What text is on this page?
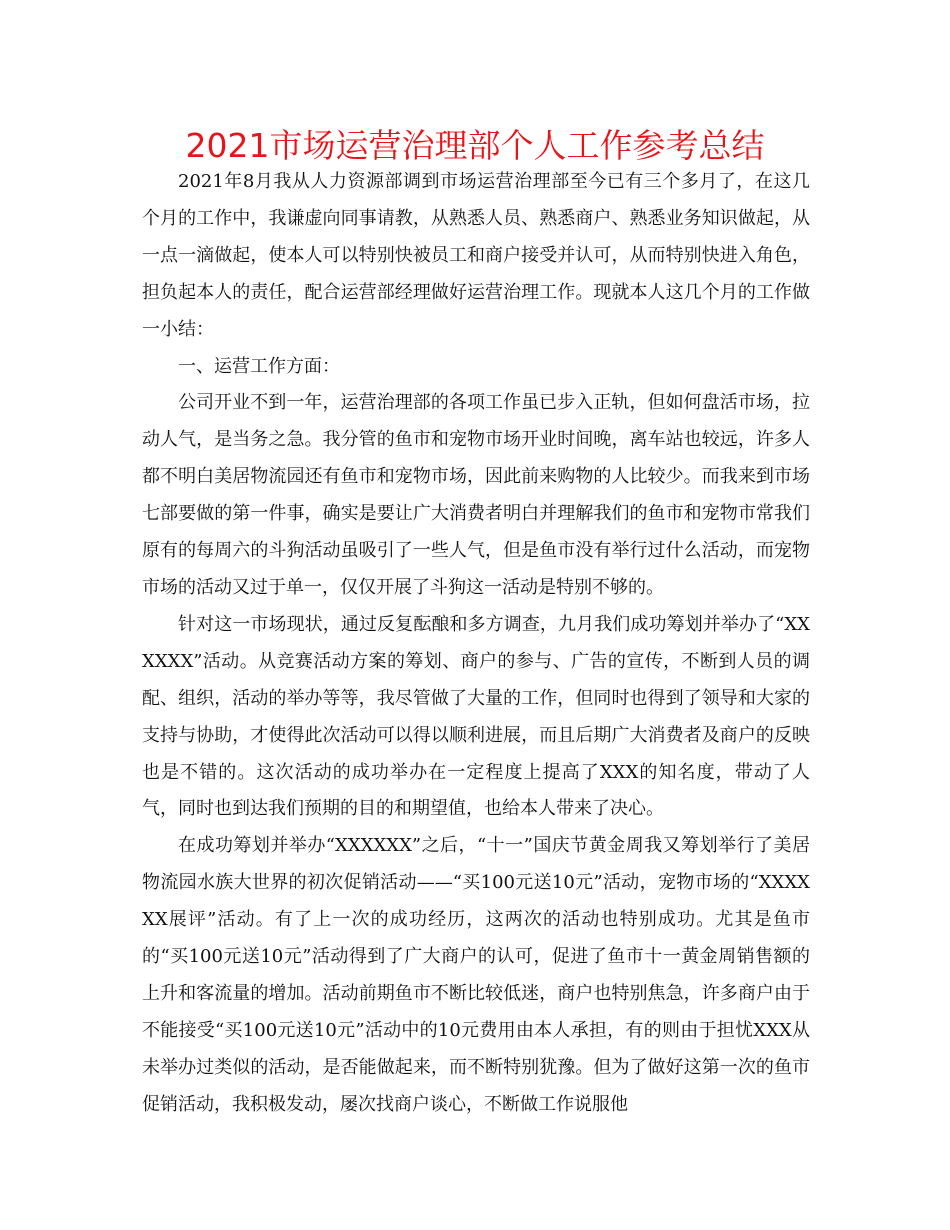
2021市场运营治理部个人工作参考总结

2021年8月我从人力资源部调到市场运营治理部至今已有三个多月了，在这几个月的工作中，我谦虚向同事请教，从熟悉人员、熟悉商户、熟悉业务知识做起，从一点一滴做起，使本人可以特别快被员工和商户接受并认可，从而特别快进入角色，担负起本人的责任，配合运营部经理做好运营治理工作。现就本人这几个月的工作做一小结：

一、运营工作方面：

公司开业不到一年，运营治理部的各项工作虽已步入正轨，但如何盘活市场，拉动人气，是当务之急。我分管的鱼市和宠物市场开业时间晚，离车站也较远，许多人都不明白美居物流园还有鱼市和宠物市场，因此前来购物的人比较少。而我来到市场七部要做的第一件事，确实是要让广大消费者明白并理解我们的鱼市和宠物市常我们原有的每周六的斗狗活动虽吸引了一些人气，但是鱼市没有举行过什么活动，而宠物市场的活动又过于单一，仅仅开展了斗狗这一活动是特别不够的。

针对这一市场现状，通过反复酝酿和多方调查，九月我们成功筹划并举办了“XXXXXX”活动。从竞赛活动方案的筹划、商户的参与、广告的宣传，不断到人员的调配、组织，活动的举办等等，我尽管做了大量的工作，但同时也得到了领导和大家的支持与协助，才使得此次活动可以得以顺利进展，而且后期广大消费者及商户的反映也是不错的。这次活动的成功举办在一定程度上提高了XXX的知名度，带动了人气，同时也到达我们预期的目的和期望值，也给本人带来了决心。

在成功筹划并举办“XXXXXX”之后，“十一”国庆节黄金周我又筹划举行了美居物流园水族大世界的初次促销活动——“买100元送10元”活动，宠物市场的“XXXXXX展评”活动。有了上一次的成功经历，这两次的活动也特别成功。尤其是鱼市的“买100元送10元”活动得到了广大商户的认可，促进了鱼市十一黄金周销售额的上升和客流量的增加。活动前期鱼市不断比较低迷，商户也特别焦急，许多商户由于不能接受“买100元送10元”活动中的10元费用由本人承担，有的则由于担忧XXX从未举办过类似的活动，是否能做起来，而不断特别犹豫。但为了做好这第一次的鱼市促销活动，我积极发动，屡次找商户谈心，不断做工作说服他
